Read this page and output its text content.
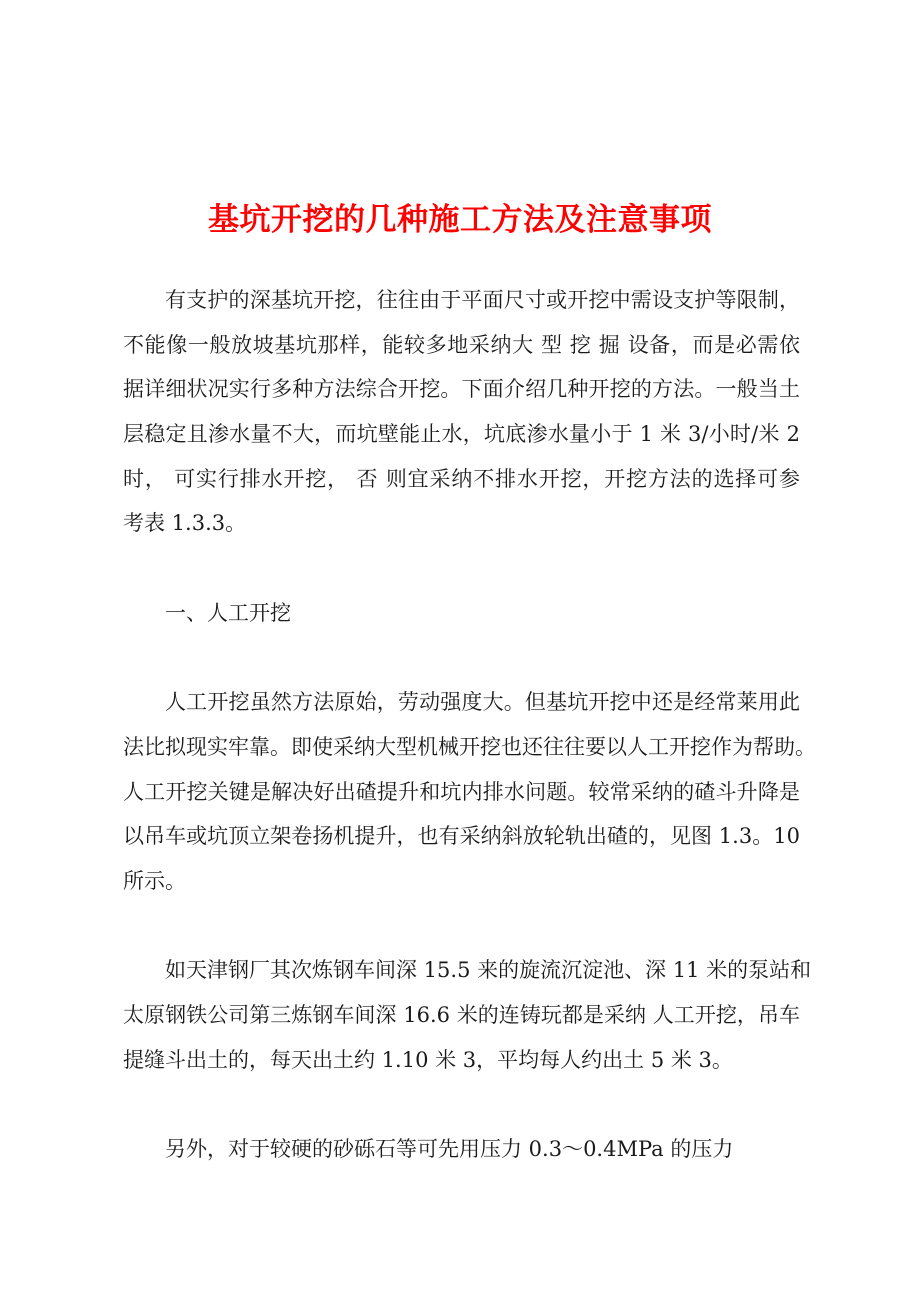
基坑开挖的几种施工方法及注意事项
有支护的深基坑开挖，往往由于平面尺寸或开挖中需设支护等限制，
不能像一般放坡基坑那样，能较多地采纳大 型 挖 掘 设备，而是必需依
据详细状况实行多种方法综合开挖。下面介绍几种开挖的方法。一般当土
层稳定且渗水量不大，而坑壁能止水，坑底渗水量小于 1 米 3/小时/米 2
时， 可实行排水开挖， 否 则宜采纳不排水开挖，开挖方法的选择可参
考表 1.3.3。
一、人工开挖
人工开挖虽然方法原始，劳动强度大。但基坑开挖中还是经常莱用此
法比拟现实牢靠。即使采纳大型机械开挖也还往往要以人工开挖作为帮助。
人工开挖关键是解决好出碴提升和坑内排水问题。较常采纳的碴斗升降是
以吊车或坑顶立架卷扬机提升，也有采纳斜放轮轨出碴的，见图 1.3。10
所示。
如天津钢厂其次炼钢车间深 15.5 来的旋流沉淀池、深 11 米的泵站和
太原钢铁公司第三炼钢车间深 16.6 米的连铸玩都是采纳 人工开挖，吊车
提缝斗出土的，每天出土约 1.10 米 3，平均每人约出土 5 米 3。
另外，对于较硬的砂砾石等可先用压力 0.3～0.4MPa 的压力
